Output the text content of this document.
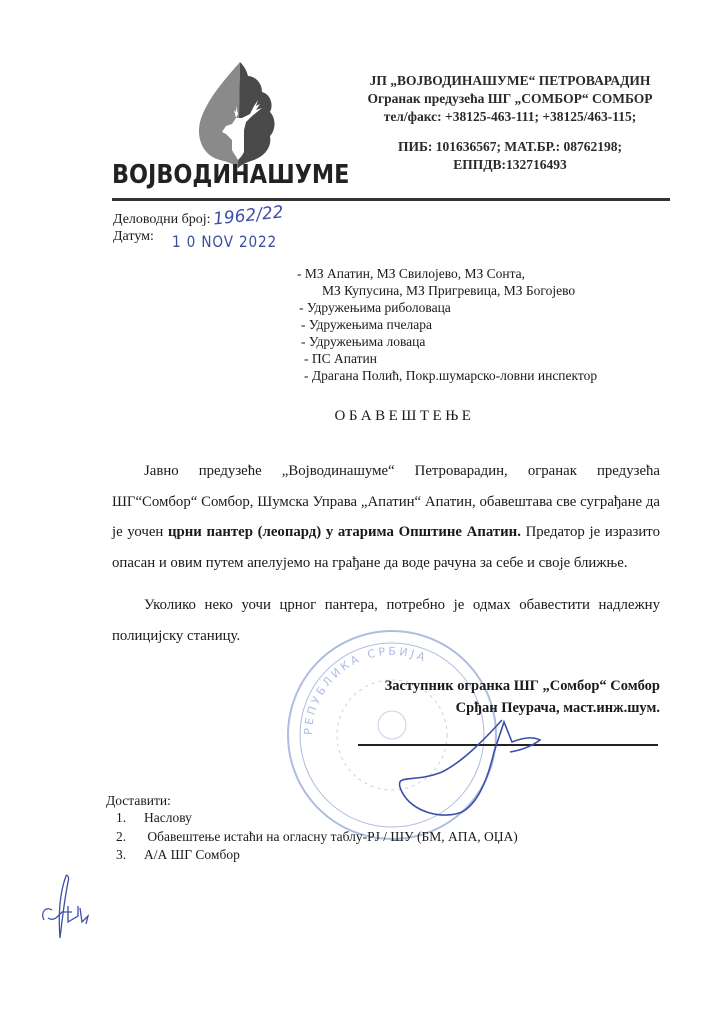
ВОЈВОДИНАШУМЕ
ЈП „ВОЈВОДИНАШУМЕ“ ПЕТРОВАРАДИН
Огранак предузећа ШГ „СОМБОР“ СОМБОР
тел/факс: +38125-463-111; +38125/463-115;
ПИБ: 101636567; МАТ.БР.: 08762198;
ЕППДВ:132716493
Деловодни број:
Датум:
1962/22
1 0 NOV 2022
- МЗ Апатин, МЗ Свилојево, МЗ Сонта,
МЗ Купусина, МЗ Пригревица, МЗ Богојево
- Удружењима риболоваца
- Удружењима пчелара
- Удружењима ловаца
- ПС Апатин
- Драгана Полић, Покр.шумарско-ловни инспектор
ОБАВЕШТЕЊЕ

Јавно предузеће „Војводинашуме“ Петроварадин, огранак предузећа ШГ“Сомбор“ Сомбор, Шумска Управа „Апатин“ Апатин, обавештава све суграђане да је уочен црни пантер (леопард) у атарима Општине Апатин. Предатор је изразито опасан и овим путем апелујемо на грађане да воде рачуна за себе и своје ближње.

Уколико неко уочи црног пантера, потребно је одмах обавестити надлежну полицијску станицу.

РЕПУБЛИКА СРБИЈА
Заступник огранка ШГ „Сомбор“ Сомбор
Срђан Пеурача, маст.инж.шум.
Доставити:
1. Наслову
2. Обавештење истаћи на огласну таблу-РЈ / ШУ (БМ, АПА, ОЏА)
3. А/А ШГ Сомбор
